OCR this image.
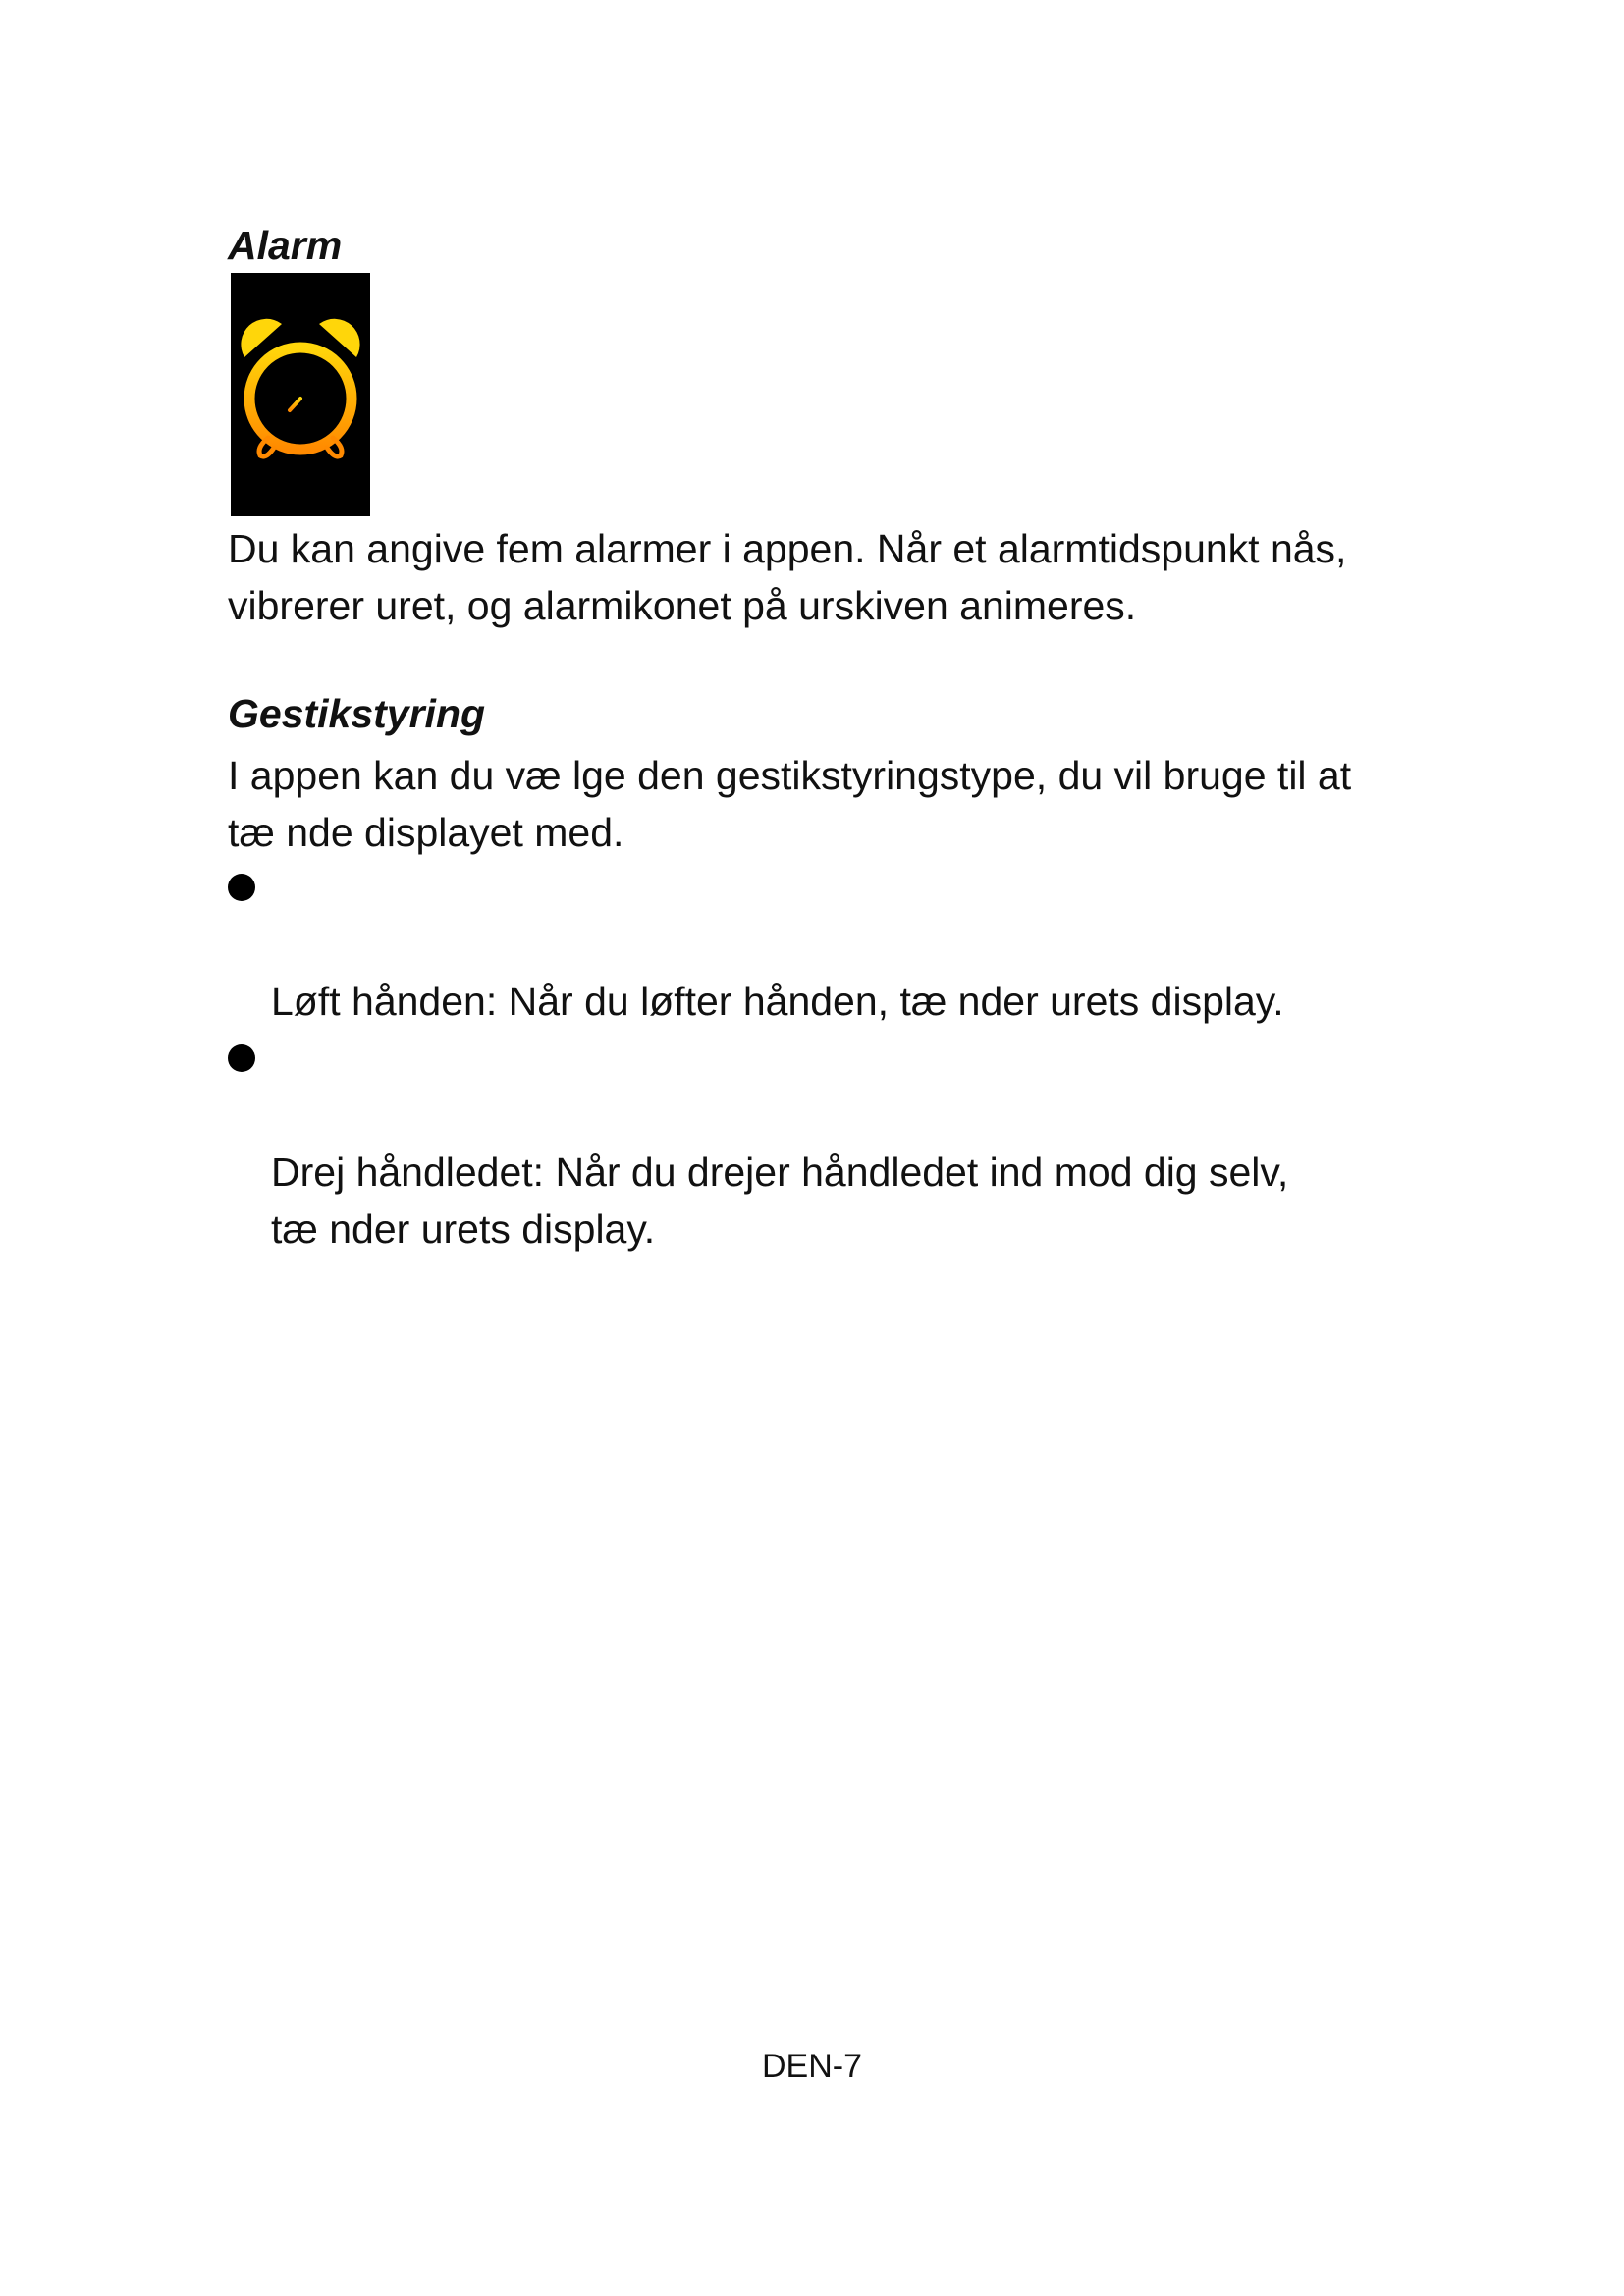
Alarm

Du kan angive fem alarmer i appen. Når et alarmtidspunkt nås,
vibrerer uret, og alarmikonet på urskiven animeres.

Gestikstyring

I appen kan du væ lge den gestikstyringstype, du vil bruge til at
tæ nde displayet med.

Løft hånden: Når du løfter hånden, tæ nder urets display.

Drej håndledet: Når du drejer håndledet ind mod dig selv,
tæ nder urets display.

DEN-7
